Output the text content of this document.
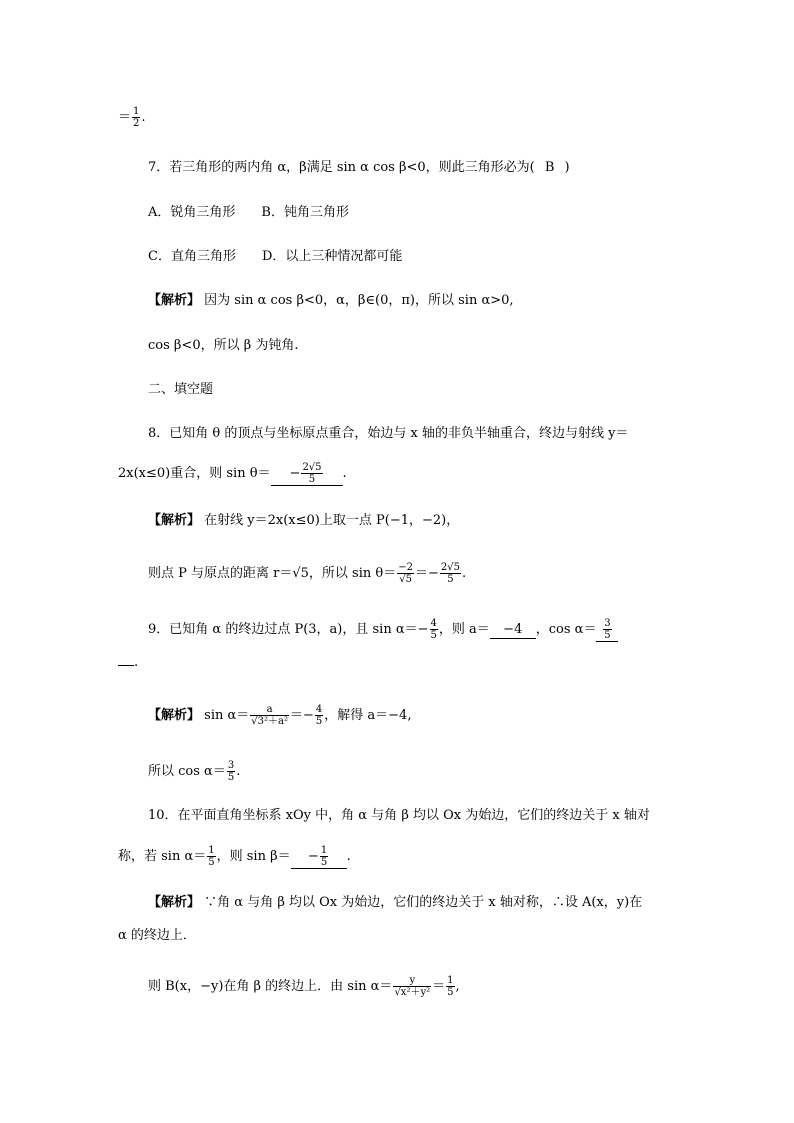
＝ $\frac{1}{2}$ .
7．若三角形的两内角 α，β满足 sin α cos β<0，则此三角形必为( B )
A．锐角三角形　　B．钝角三角形
C．直角三角形　　D．以上三种情况都可能
【解析】 因为 sin α cos β<0，α，β∈(0，π)，所以 sin α>0,
cos β<0，所以 β 为钝角.
二、填空题
8．已知角 θ 的顶点与坐标原点重合，始边与 x 轴的非负半轴重合，终边与射线 y＝
2x(x≤0)重合，则 $\sin \theta= - \frac{2√5}{5}$ .
【解析】 在射线 y＝2x(x≤0)上取一点 P(−1，−2)，
则点 P 与原点的距离 r＝√5，所以 $\sin \theta= \frac{-2}{√5} =- \frac{2√5}{5}$ .
9．已知角 α 的终边过点 P(3，a)，且 $\sin \alpha=- \frac{4}{5}$ ，则 a＝ −4 ，$\cos \alpha= \frac{3}{5}$
.
【解析】 $\sin \alpha= \frac{a}{\text{√3²＋a²}} =- \frac{4}{5}$ ，解得 a＝−4,
所以 $\cos \alpha= \frac{3}{5}$ .
10．在平面直角坐标系 xOy 中，角 α 与角 β 均以 Ox 为始边，它们的终边关于 x 轴对
称，若 $\sin \alpha= \frac{1}{5}$ ，则 $\sin \beta= - \frac{1}{5}$ .
【解析】 ∵角 α 与角 β 均以 Ox 为始边，它们的终边关于 x 轴对称，∴设 A(x，y)在
α 的终边上．
则 B(x，−y)在角 β 的终边上．由 $\sin \alpha= \frac{y}{\text{√x²＋y²}} = \frac{1}{5}$ ,
